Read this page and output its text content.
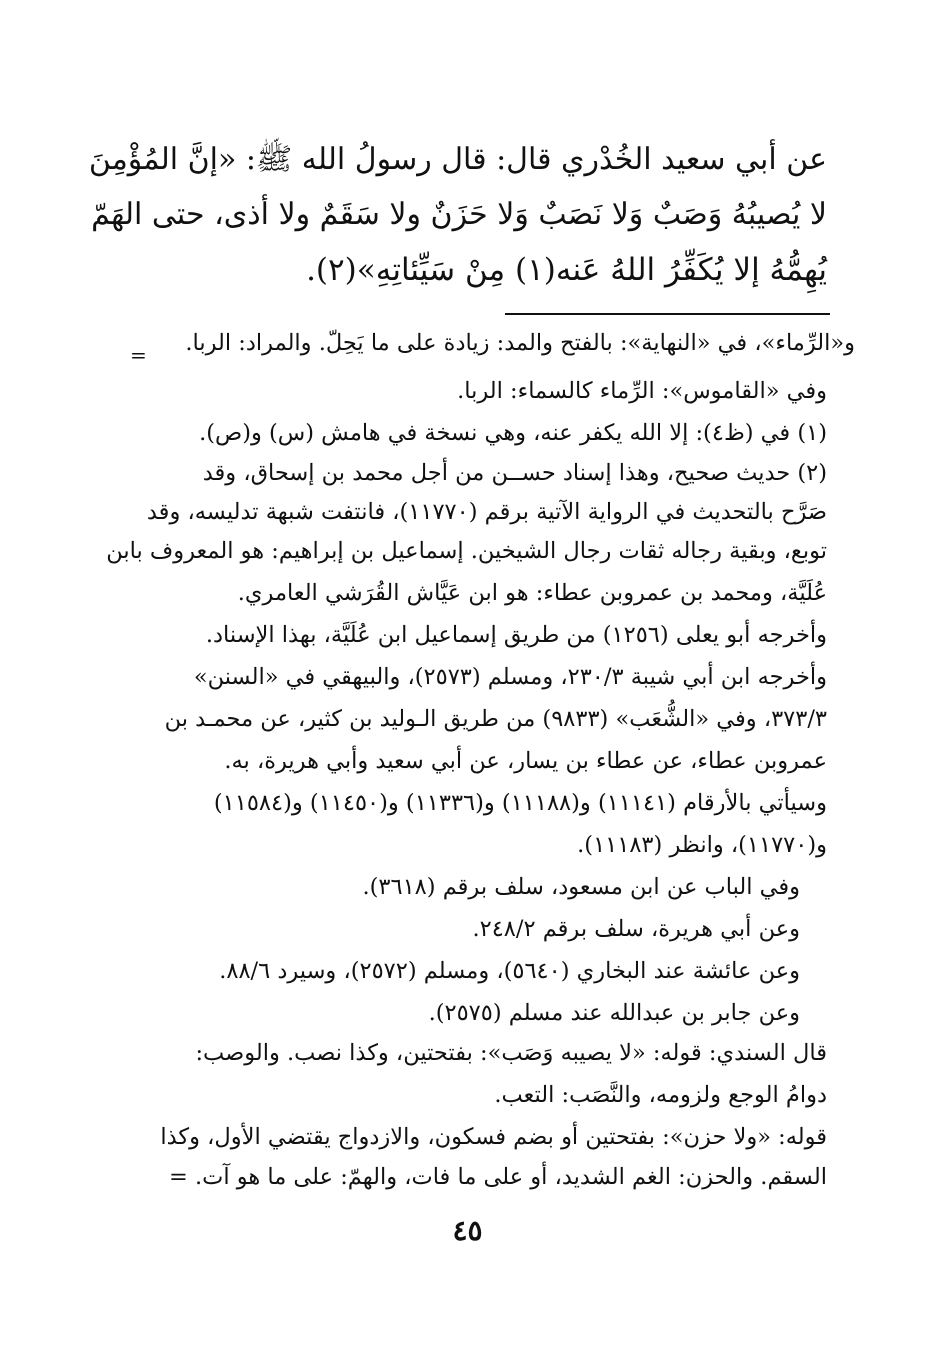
عن أبي سعيد الخُدْري قال: قال رسولُ الله ﷺ: «إنَّ المُؤْمِنَ
لا يُصيبُهُ وَصَبٌ وَلا نَصَبٌ وَلا حَزَنٌ ولا سَقَمٌ ولا أذى، حتى الهَمّ
يُهِمُّهُ إلا يُكَفِّرُ اللهُ عَنه(١) مِنْ سَيِّئاتِهِ»(٢).
= و«الرِّماء»، في «النهاية»: بالفتح والمد: زيادة على ما يَحِلّ. والمراد: الربا.
وفي «القاموس»: الرِّماء كالسماء: الربا.
(١) في (ظ٤): إلا الله يكفر عنه، وهي نسخة في هامش (س) و(ص).
(٢) حديث صحيح، وهذا إسناد حســن من أجل محمد بن إسحاق، وقد
صَرَّح بالتحديث في الرواية الآتية برقم (١١٧٧٠)، فانتفت شبهة تدليسه، وقد
توبع، وبقية رجاله ثقات رجال الشيخين. إسماعيل بن إبراهيم: هو المعروف بابن
عُلَيَّة، ومحمد بن عمروبن عطاء: هو ابن عَيَّاش القُرَشي العامري.
وأخرجه أبو يعلى (١٢٥٦) من طريق إسماعيل ابن عُلَيَّة، بهذا الإسناد.
وأخرجه ابن أبي شيبة ٢٣٠/٣، ومسلم (٢٥٧٣)، والبيهقي في «السنن»
٣٧٣/٣، وفي «الشُّعَب» (٩٨٣٣) من طريق الـوليد بن كثير، عن محمـد بن
عمروبن عطاء، عن عطاء بن يسار، عن أبي سعيد وأبي هريرة، به.
وسيأتي بالأرقام (١١١٤١) و(١١١٨٨) و(١١٣٣٦) و(١١٤٥٠) و(١١٥٨٤)
و(١١٧٧٠)، وانظر (١١١٨٣).
وفي الباب عن ابن مسعود، سلف برقم (٣٦١٨).
وعن أبي هريرة، سلف برقم ٢٤٨/٢.
وعن عائشة عند البخاري (٥٦٤٠)، ومسلم (٢٥٧٢)، وسيرد ٨٨/٦.
وعن جابر بن عبدالله عند مسلم (٢٥٧٥).
قال السندي: قوله: «لا يصيبه وَصَب»: بفتحتين، وكذا نصب. والوصب:
دوامُ الوجع ولزومه، والنَّصَب: التعب.
قوله: «ولا حزن»: بفتحتين أو بضم فسكون، والازدواج يقتضي الأول، وكذا
السقم. والحزن: الغم الشديد، أو على ما فات، والهمّ: على ما هو آت. =
٤٥
